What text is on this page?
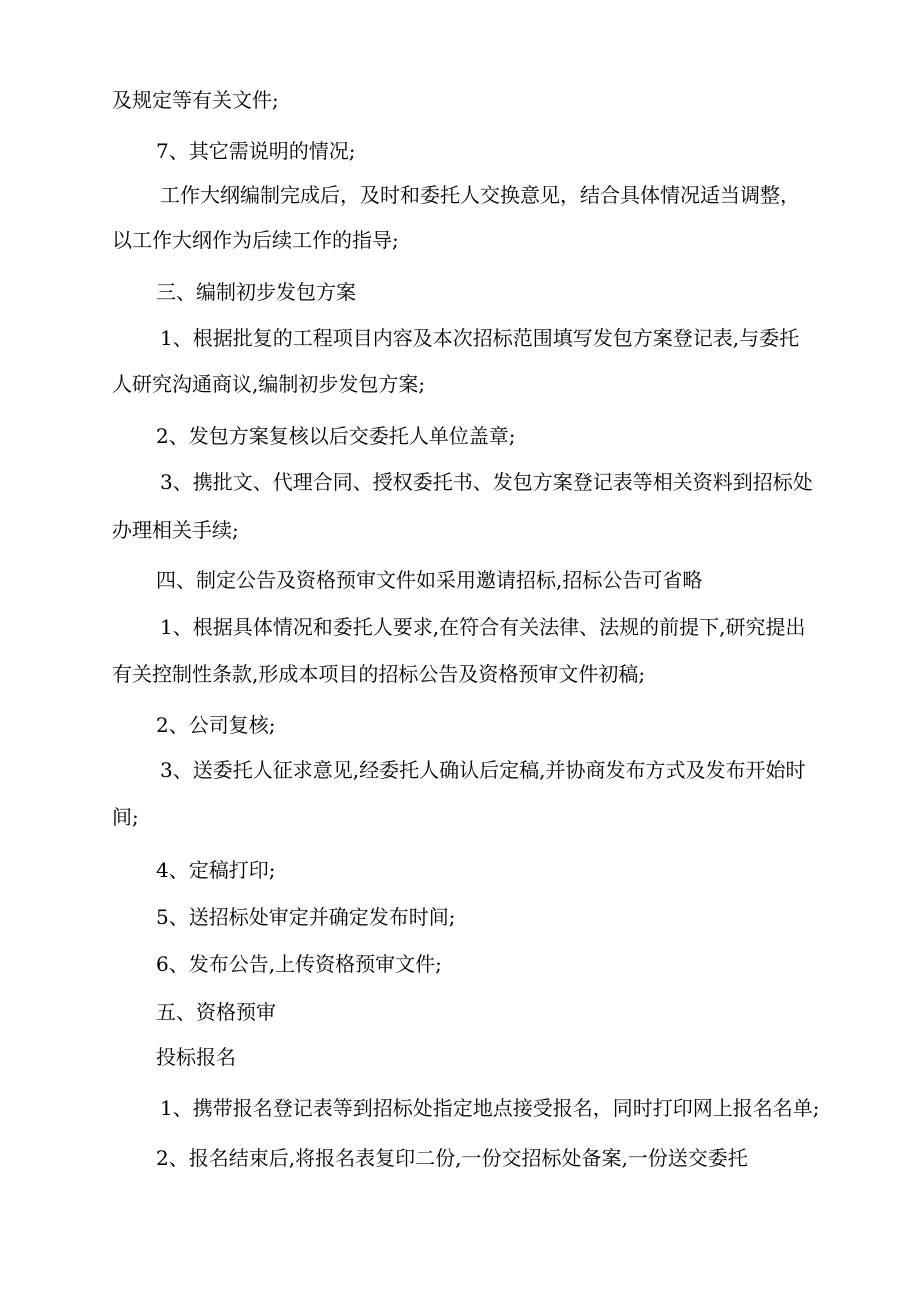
及规定等有关文件;
7、其它需说明的情况;
工作大纲编制完成后，及时和委托人交换意见，结合具体情况适当调整，
以工作大纲作为后续工作的指导;
三、编制初步发包方案
1、根据批复的工程项目内容及本次招标范围填写发包方案登记表,与委托
人研究沟通商议,编制初步发包方案;
2、发包方案复核以后交委托人单位盖章;
3、携批文、代理合同、授权委托书、发包方案登记表等相关资料到招标处
办理相关手续;
四、制定公告及资格预审文件如采用邀请招标,招标公告可省略
1、根据具体情况和委托人要求,在符合有关法律、法规的前提下,研究提出
有关控制性条款,形成本项目的招标公告及资格预审文件初稿;
2、公司复核;
3、送委托人征求意见,经委托人确认后定稿,并协商发布方式及发布开始时
间;
4、定稿打印;
5、送招标处审定并确定发布时间;
6、发布公告,上传资格预审文件;
五、资格预审
投标报名
1、携带报名登记表等到招标处指定地点接受报名，同时打印网上报名名单;
2、报名结束后,将报名表复印二份,一份交招标处备案,一份送交委托
